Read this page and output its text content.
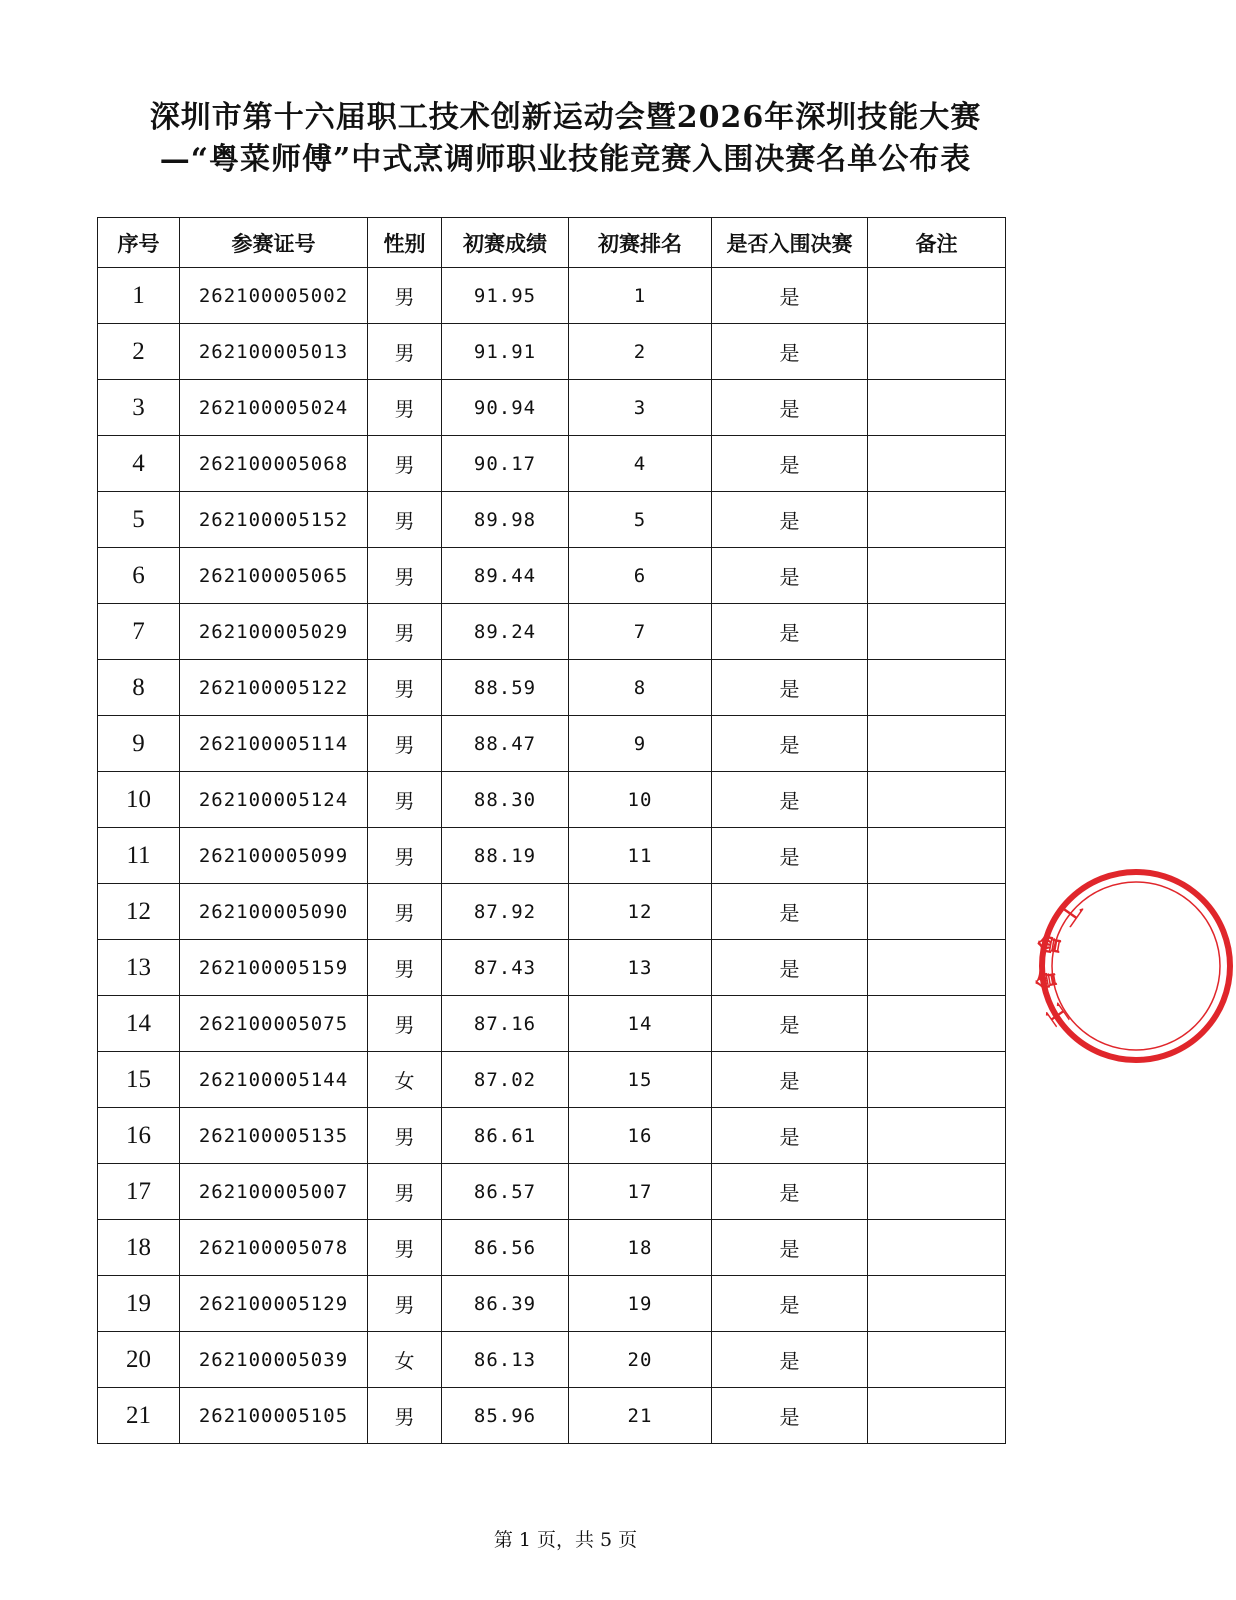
深圳市第十六届职工技术创新运动会暨2026年深圳技能大赛
—“粤菜师傅”中式烹调师职业技能竞赛入围决赛名单公布表
序号	参赛证号	性别	初赛成绩	初赛排名	是否入围决赛	备注
1	262100005002	男	91.95	1	是	
2	262100005013	男	91.91	2	是	
3	262100005024	男	90.94	3	是	
4	262100005068	男	90.17	4	是	
5	262100005152	男	89.98	5	是	
6	262100005065	男	89.44	6	是	
7	262100005029	男	89.24	7	是	
8	262100005122	男	88.59	8	是	
9	262100005114	男	88.47	9	是	
10	262100005124	男	88.30	10	是	
11	262100005099	男	88.19	11	是	
12	262100005090	男	87.92	12	是	
13	262100005159	男	87.43	13	是	
14	262100005075	男	87.16	14	是	
15	262100005144	女	87.02	15	是	
16	262100005135	男	86.61	16	是	
17	262100005007	男	86.57	17	是	
18	262100005078	男	86.56	18	是	
19	262100005129	男	86.39	19	是	
20	262100005039	女	86.13	20	是	
21	262100005105	男	85.96	21	是	
第 1 页，共 5 页
工
會
會
工
